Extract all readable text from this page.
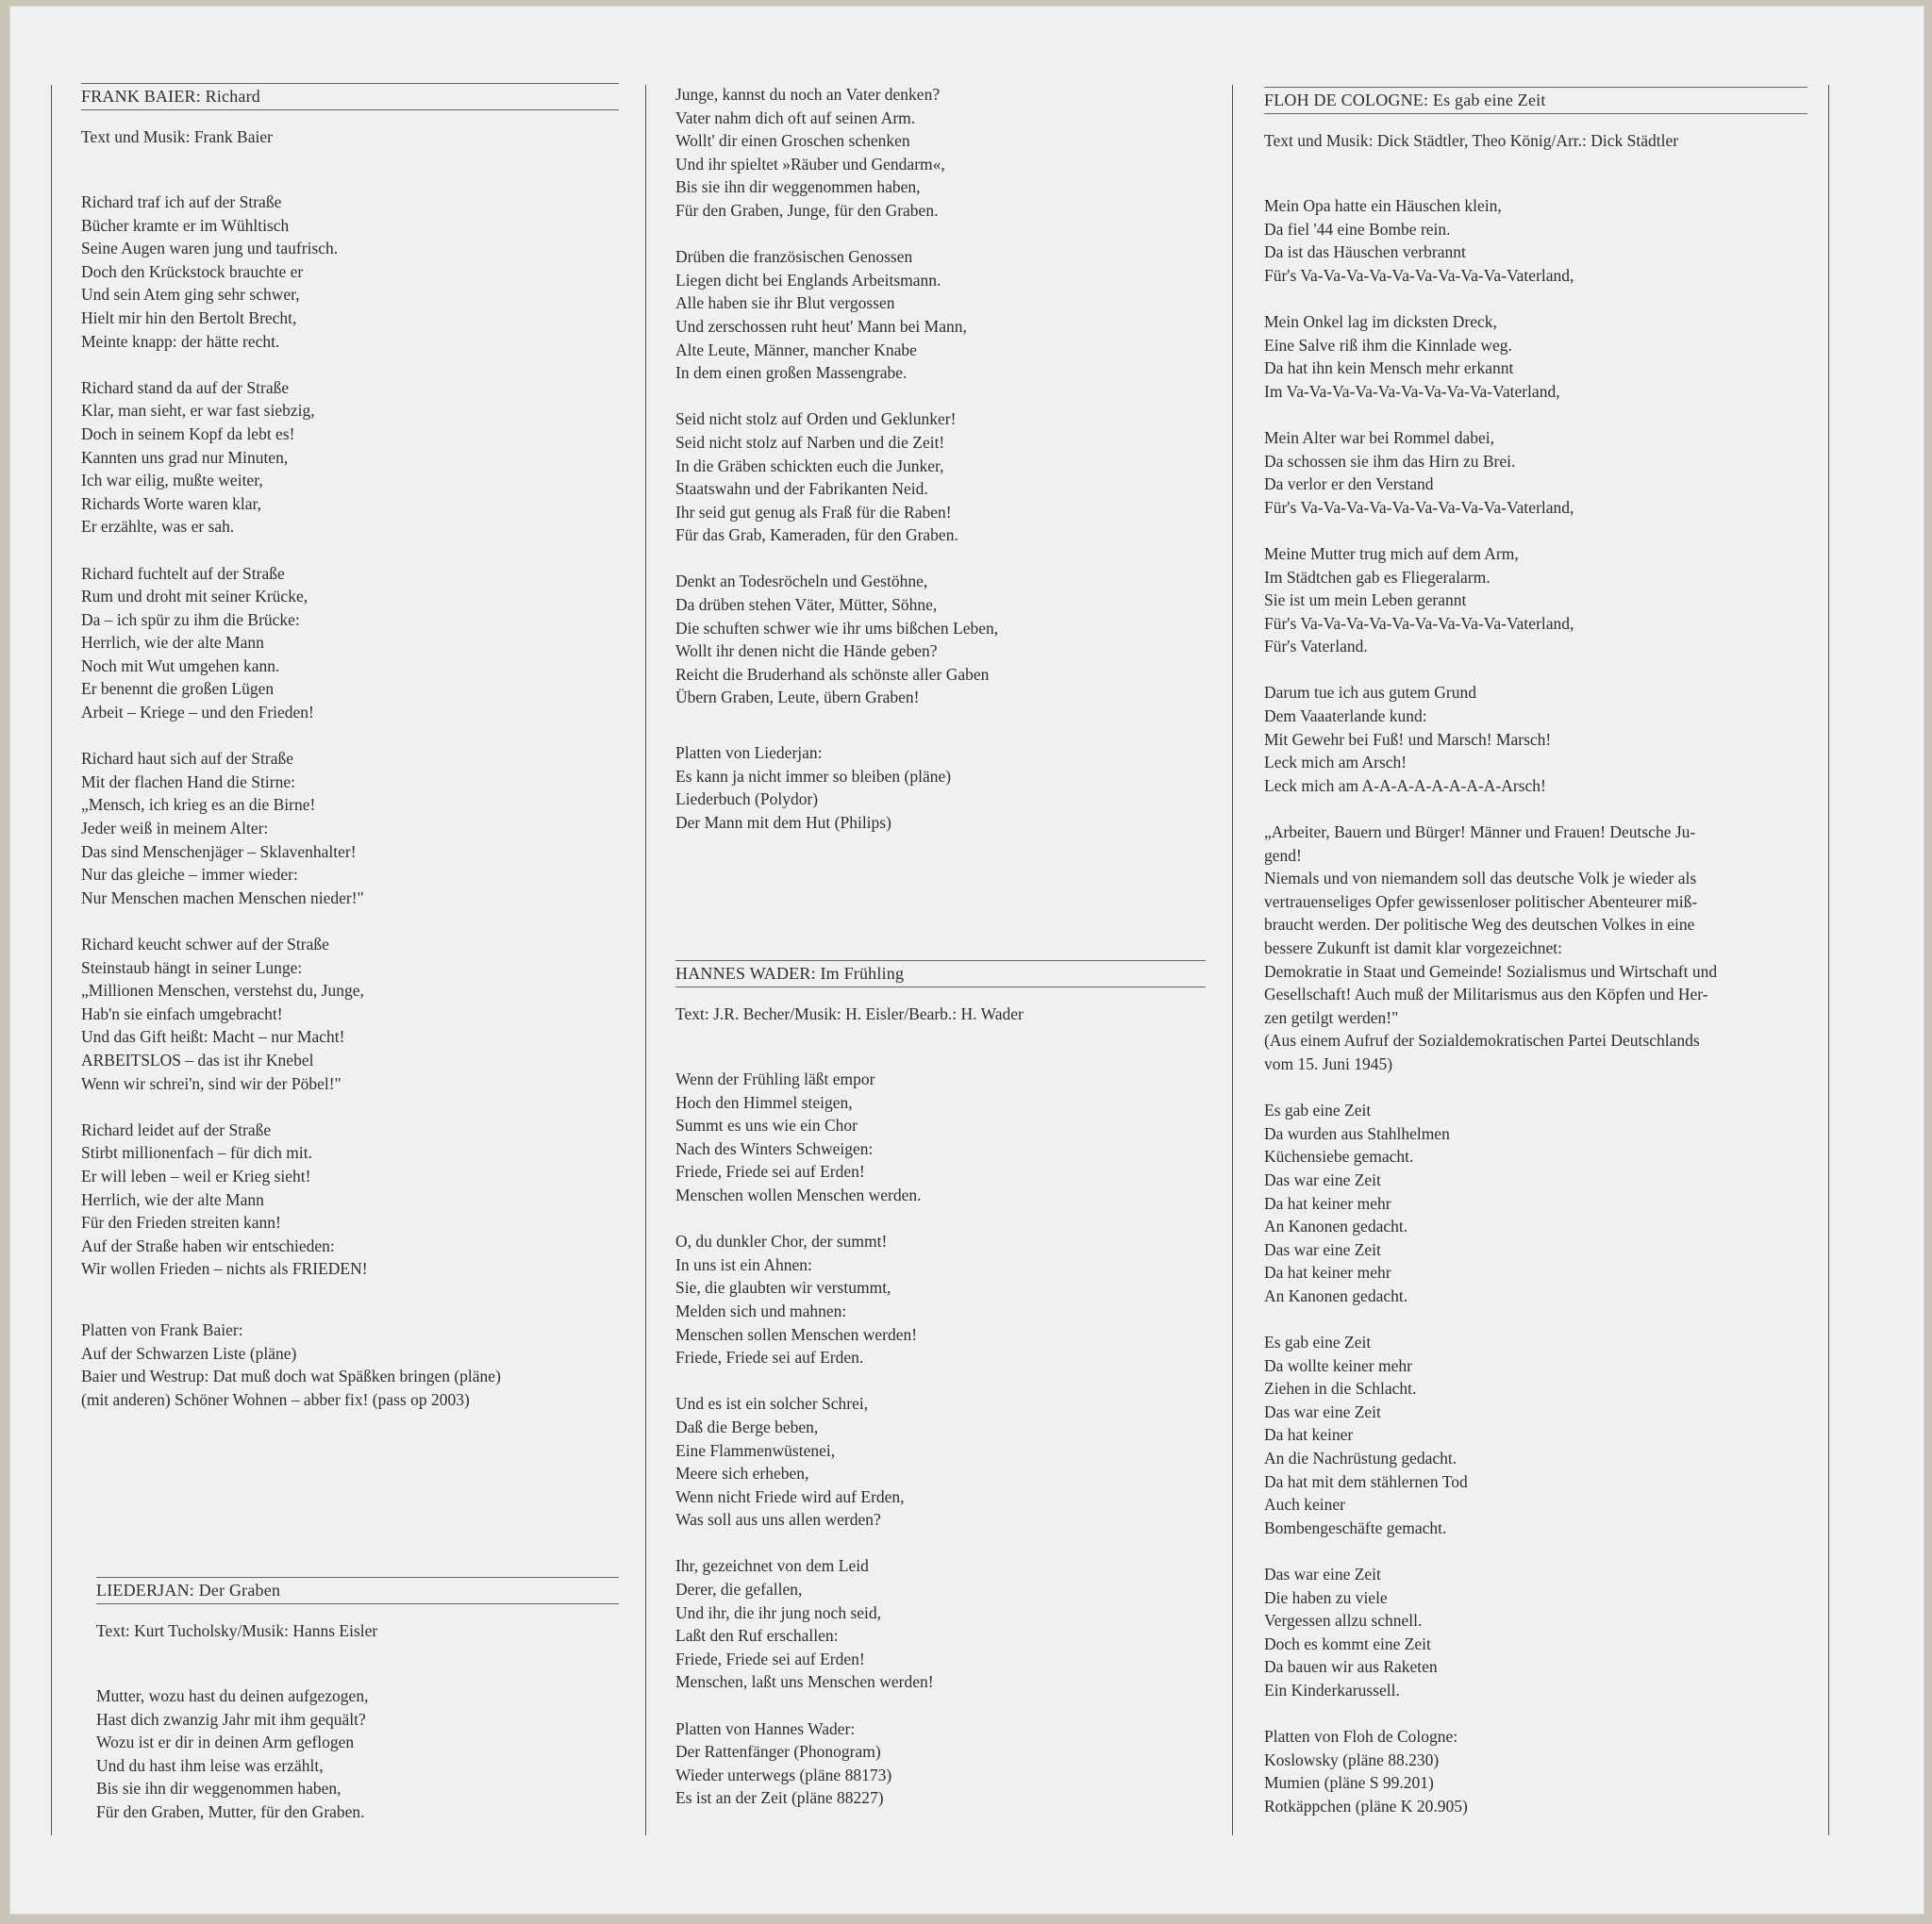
FRANK BAIER: Richard
Text und Musik: Frank Baier
Richard traf ich auf der Straße
Bücher kramte er im Wühltisch
Seine Augen waren jung und taufrisch.
Doch den Krückstock brauchte er
Und sein Atem ging sehr schwer,
Hielt mir hin den Bertolt Brecht,
Meinte knapp: der hätte recht.
Richard stand da auf der Straße
Klar, man sieht, er war fast siebzig,
Doch in seinem Kopf da lebt es!
Kannten uns grad nur Minuten,
Ich war eilig, mußte weiter,
Richards Worte waren klar,
Er erzählte, was er sah.
Richard fuchtelt auf der Straße
Rum und droht mit seiner Krücke,
Da – ich spür zu ihm die Brücke:
Herrlich, wie der alte Mann
Noch mit Wut umgehen kann.
Er benennt die großen Lügen
Arbeit – Kriege – und den Frieden!
Richard haut sich auf der Straße
Mit der flachen Hand die Stirne:
„Mensch, ich krieg es an die Birne!
Jeder weiß in meinem Alter:
Das sind Menschenjäger – Sklavenhalter!
Nur das gleiche – immer wieder:
Nur Menschen machen Menschen nieder!"
Richard keucht schwer auf der Straße
Steinstaub hängt in seiner Lunge:
„Millionen Menschen, verstehst du, Junge,
Hab'n sie einfach umgebracht!
Und das Gift heißt: Macht – nur Macht!
ARBEITSLOS – das ist ihr Knebel
Wenn wir schrei'n, sind wir der Pöbel!"
Richard leidet auf der Straße
Stirbt millionenfach – für dich mit.
Er will leben – weil er Krieg sieht!
Herrlich, wie der alte Mann
Für den Frieden streiten kann!
Auf der Straße haben wir entschieden:
Wir wollen Frieden – nichts als FRIEDEN!
Platten von Frank Baier:
Auf der Schwarzen Liste (pläne)
Baier und Westrup: Dat muß doch wat Späßken bringen (pläne)
(mit anderen) Schöner Wohnen – abber fix! (pass op 2003)
LIEDERJAN: Der Graben
Text: Kurt Tucholsky/Musik: Hanns Eisler
Mutter, wozu hast du deinen aufgezogen,
Hast dich zwanzig Jahr mit ihm gequält?
Wozu ist er dir in deinen Arm geflogen
Und du hast ihm leise was erzählt,
Bis sie ihn dir weggenommen haben,
Für den Graben, Mutter, für den Graben.
Junge, kannst du noch an Vater denken?
Vater nahm dich oft auf seinen Arm.
Wollt' dir einen Groschen schenken
Und ihr spieltet »Räuber und Gendarm«,
Bis sie ihn dir weggenommen haben,
Für den Graben, Junge, für den Graben.
Drüben die französischen Genossen
Liegen dicht bei Englands Arbeitsmann.
Alle haben sie ihr Blut vergossen
Und zerschossen ruht heut' Mann bei Mann,
Alte Leute, Männer, mancher Knabe
In dem einen großen Massengrabe.
Seid nicht stolz auf Orden und Geklunker!
Seid nicht stolz auf Narben und die Zeit!
In die Gräben schickten euch die Junker,
Staatswahn und der Fabrikanten Neid.
Ihr seid gut genug als Fraß für die Raben!
Für das Grab, Kameraden, für den Graben.
Denkt an Todesröcheln und Gestöhne,
Da drüben stehen Väter, Mütter, Söhne,
Die schuften schwer wie ihr ums bißchen Leben,
Wollt ihr denen nicht die Hände geben?
Reicht die Bruderhand als schönste aller Gaben
Übern Graben, Leute, übern Graben!
Platten von Liederjan:
Es kann ja nicht immer so bleiben (pläne)
Liederbuch (Polydor)
Der Mann mit dem Hut (Philips)
HANNES WADER: Im Frühling
Text: J.R. Becher/Musik: H. Eisler/Bearb.: H. Wader
Wenn der Frühling läßt empor
Hoch den Himmel steigen,
Summt es uns wie ein Chor
Nach des Winters Schweigen:
Friede, Friede sei auf Erden!
Menschen wollen Menschen werden.
O, du dunkler Chor, der summt!
In uns ist ein Ahnen:
Sie, die glaubten wir verstummt,
Melden sich und mahnen:
Menschen sollen Menschen werden!
Friede, Friede sei auf Erden.
Und es ist ein solcher Schrei,
Daß die Berge beben,
Eine Flammenwüstenei,
Meere sich erheben,
Wenn nicht Friede wird auf Erden,
Was soll aus uns allen werden?
Ihr, gezeichnet von dem Leid
Derer, die gefallen,
Und ihr, die ihr jung noch seid,
Laßt den Ruf erschallen:
Friede, Friede sei auf Erden!
Menschen, laßt uns Menschen werden!
Platten von Hannes Wader:
Der Rattenfänger (Phonogram)
Wieder unterwegs (pläne 88173)
Es ist an der Zeit (pläne 88227)
FLOH DE COLOGNE: Es gab eine Zeit
Text und Musik: Dick Städtler, Theo König/Arr.: Dick Städtler
Mein Opa hatte ein Häuschen klein,
Da fiel '44 eine Bombe rein.
Da ist das Häuschen verbrannt
Für's Va-Va-Va-Va-Va-Va-Va-Va-Va-Vaterland,
Mein Onkel lag im dicksten Dreck,
Eine Salve riß ihm die Kinnlade weg.
Da hat ihn kein Mensch mehr erkannt
Im Va-Va-Va-Va-Va-Va-Va-Va-Va-Vaterland,
Mein Alter war bei Rommel dabei,
Da schossen sie ihm das Hirn zu Brei.
Da verlor er den Verstand
Für's Va-Va-Va-Va-Va-Va-Va-Va-Va-Vaterland,
Meine Mutter trug mich auf dem Arm,
Im Städtchen gab es Fliegeralarm.
Sie ist um mein Leben gerannt
Für's Va-Va-Va-Va-Va-Va-Va-Va-Va-Vaterland,
Für's Vaterland.
Darum tue ich aus gutem Grund
Dem Vaaaterlande kund:
Mit Gewehr bei Fuß! und Marsch! Marsch!
Leck mich am Arsch!
Leck mich am A-A-A-A-A-A-A-A-Arsch!
„Arbeiter, Bauern und Bürger! Männer und Frauen! Deutsche Ju-
gend!
Niemals und von niemandem soll das deutsche Volk je wieder als
vertrauenseliges Opfer gewissenloser politischer Abenteurer miß-
braucht werden. Der politische Weg des deutschen Volkes in eine
bessere Zukunft ist damit klar vorgezeichnet:
Demokratie in Staat und Gemeinde! Sozialismus und Wirtschaft und
Gesellschaft! Auch muß der Militarismus aus den Köpfen und Her-
zen getilgt werden!"
(Aus einem Aufruf der Sozialdemokratischen Partei Deutschlands
vom 15. Juni 1945)
Es gab eine Zeit
Da wurden aus Stahlhelmen
Küchensiebe gemacht.
Das war eine Zeit
Da hat keiner mehr
An Kanonen gedacht.
Das war eine Zeit
Da hat keiner mehr
An Kanonen gedacht.
Es gab eine Zeit
Da wollte keiner mehr
Ziehen in die Schlacht.
Das war eine Zeit
Da hat keiner
An die Nachrüstung gedacht.
Da hat mit dem stählernen Tod
Auch keiner
Bombengeschäfte gemacht.
Das war eine Zeit
Die haben zu viele
Vergessen allzu schnell.
Doch es kommt eine Zeit
Da bauen wir aus Raketen
Ein Kinderkarussell.
Platten von Floh de Cologne:
Koslowsky (pläne 88.230)
Mumien (pläne S 99.201)
Rotkäppchen (pläne K 20.905)
